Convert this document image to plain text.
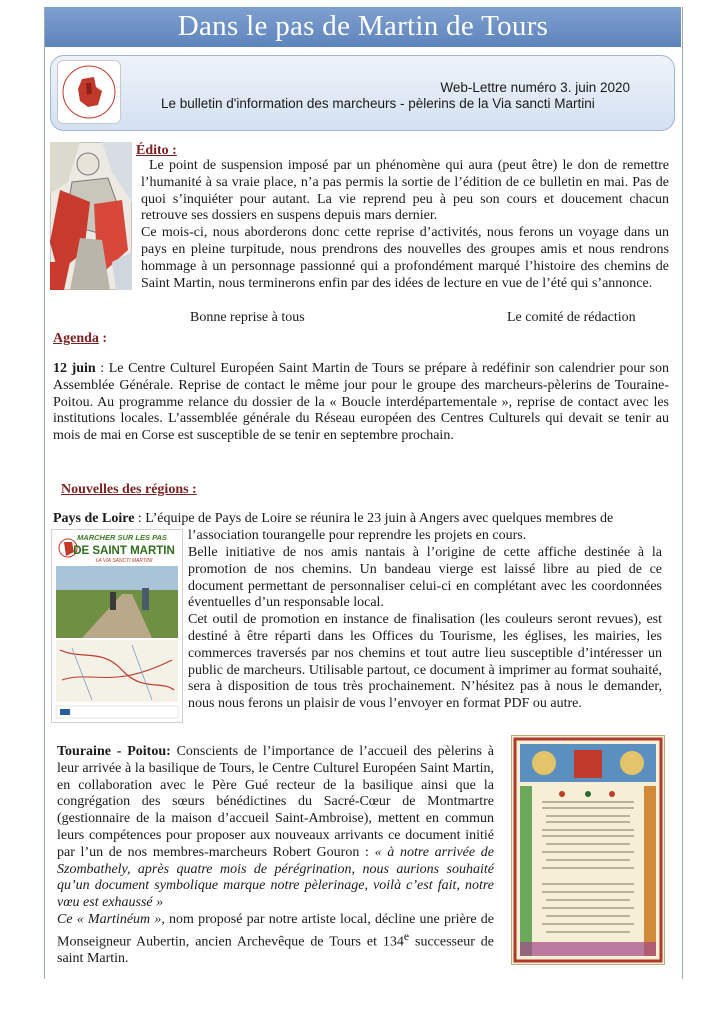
Dans le pas de Martin de Tours
Web-Lettre numéro 3. juin 2020
Le bulletin d'information des marcheurs - pèlerins de la Via sancti Martini
Édito :

Le point de suspension imposé par un phénomène qui aura (peut être) le don de remettre l’humanité à sa vraie place, n’a pas permis la sortie de l’édition de ce bulletin en mai. Pas de quoi s’inquiéter pour autant. La vie reprend peu à peu son cours et doucement chacun retrouve ses dossiers en suspens depuis mars dernier.

Ce mois-ci, nous aborderons donc cette reprise d’activités, nous ferons un voyage dans un pays en pleine turpitude, nous prendrons des nouvelles des groupes amis et nous rendrons hommage à un personnage passionné qui a profondément marqué l’histoire des chemins de Saint Martin, nous terminerons enfin par des idées de lecture en vue de l’été qui s’annonce.

Bonne reprise à tous	Le comité de rédaction
Agenda :

12 juin : Le Centre Culturel Européen Saint Martin de Tours se prépare à redéfinir son calendrier pour son Assemblée Générale. Reprise de contact le même jour pour le groupe des marcheurs-pèlerins de Touraine-Poitou. Au programme relance du dossier de la « Boucle interdépartementale », reprise de contact avec les institutions locales. L’assemblée générale du Réseau européen des Centres Culturels qui devait se tenir au mois de mai en Corse est susceptible de se tenir en septembre prochain.

Nouvelles des régions :

Pays de Loire : L’équipe de Pays de Loire se réunira le 23 juin à Angers avec quelques membres de

l’association tourangelle pour reprendre les projets en cours.

MARCHER SUR LES PAS
DE SAINT MARTIN
LA VIA SANCTI MARTINI

Belle initiative de nos amis nantais à l’origine de cette affiche destinée à la promotion de nos chemins. Un bandeau vierge est laissé libre au pied de ce document permettant de personnaliser celui-ci en complétant avec les coordonnées éventuelles d’un responsable local.

Cet outil de promotion en instance de finalisation (les couleurs seront revues), est destiné à être réparti dans les Offices du Tourisme, les églises, les mairies, les commerces traversés par nos chemins et tout autre lieu susceptible d’intéresser un public de marcheurs. Utilisable partout, ce document à imprimer au format souhaité, sera à disposition de tous très prochainement. N’hésitez pas à nous le demander, nous nous ferons un plaisir de vous l’envoyer en format PDF ou autre.

Touraine - Poitou: Conscients de l’importance de l’accueil des pèlerins à leur arrivée à la basilique de Tours, le Centre Culturel Européen Saint Martin, en collaboration avec le Père Gué recteur de la basilique ainsi que la congrégation des sœurs bénédictines du Sacré-Cœur de Montmartre (gestionnaire de la maison d’accueil Saint-Ambroise), mettent en commun leurs compétences pour proposer aux nouveaux arrivants ce document initié par l’un de nos membres-marcheurs Robert Gouron : « à notre arrivée de Szombathely, après quatre mois de pérégrination, nous aurions souhaité qu’un document symbolique marque notre pèlerinage, voilà c’est fait, notre vœu est exhaussé »

Ce « Martinéum », nom proposé par notre artiste local, décline une prière de Monseigneur Aubertin, ancien Archevêque de Tours et 134e successeur de saint Martin.
